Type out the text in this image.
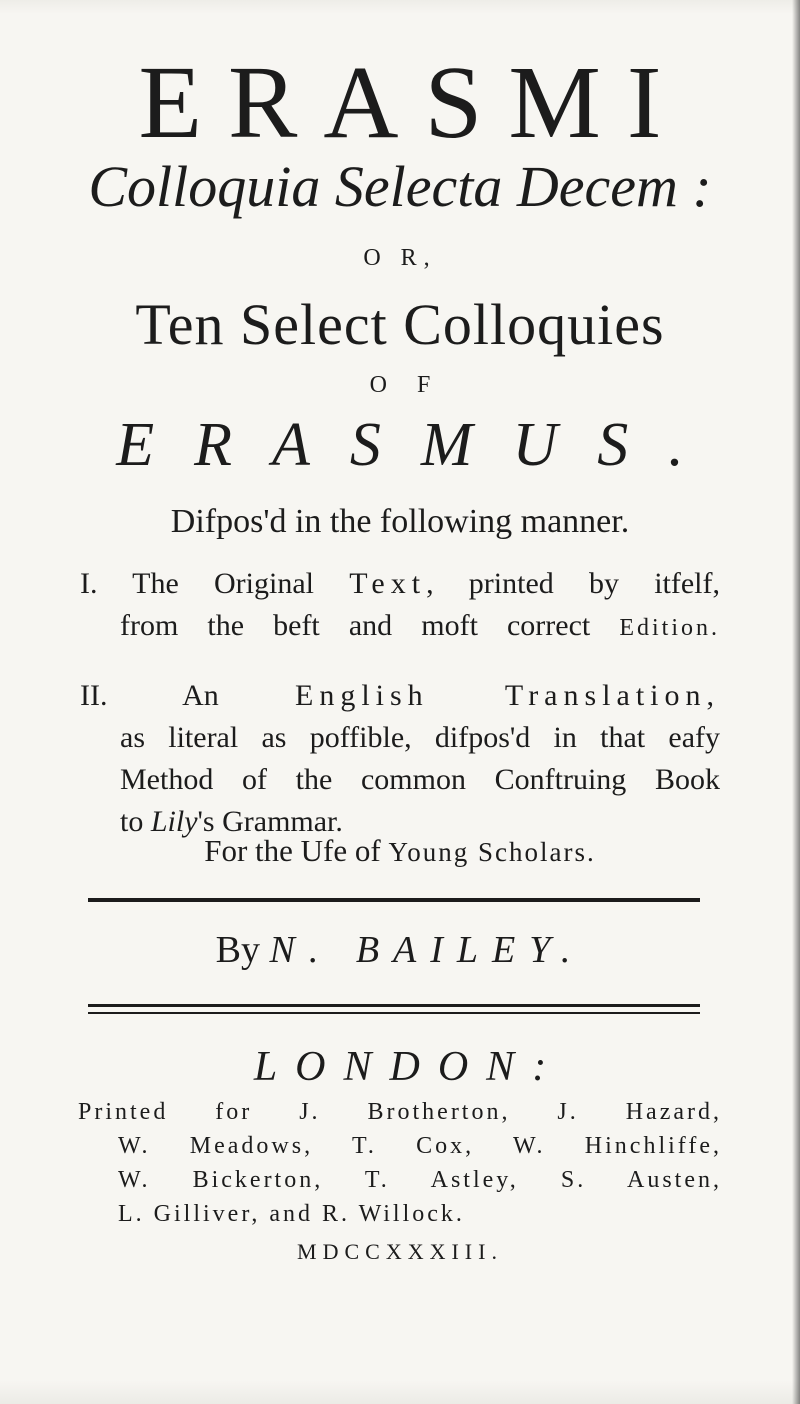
ERASMI
Colloquia Selecta Decem :
O R,
Ten Select Colloquies
O F
ERASMUS.
Difpos'd in the following manner.
I. The Original Text, printed by itfelf,
from the beft and moft correct Edition.
II. An English	Translation,
as literal as poffible, difpos'd in that eafy
Method of the common Conftruing Book
to Lily's Grammar.
For the Ufe of Young Scholars.
By N. BAILEY.
LONDON:
Printed for J. Brotherton, J. Hazard,
W. Meadows, T. Cox, W. Hinchliffe,
W. Bickerton, T. Astley, S. Austen,
L. Gilliver, and R. Willock.
MDCCXXXIII.
